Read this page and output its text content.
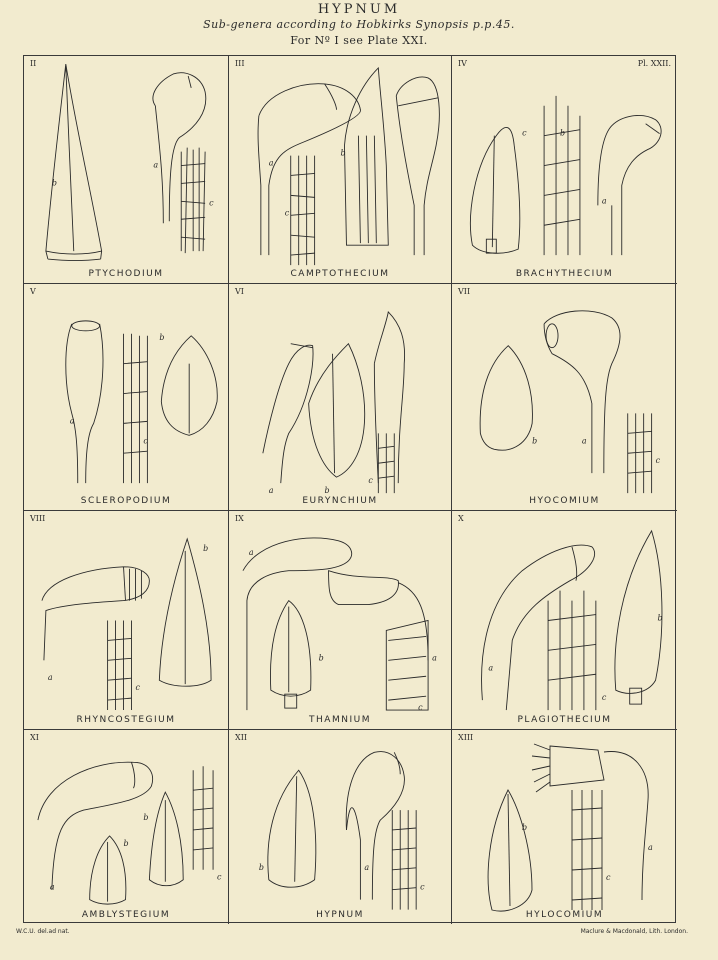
HYPNUM
Sub-genera according to Hobkirks Synopsis p.p.45.
For Nº I see Plate XXI.
b
a
c
II
PTYCHODIUM
a
b
c
III
CAMPTOTHECIUM
c	b
a
IV	Pl. XXII.
BRACHYTHECIUM
a
b
c
V
SCLEROPODIUM
a	b
c
VI
EURYNCHIUM
b	a
c
VII
HYOCOMIUM
a
b
c
VIII
RHYNCOSTEGIUM
a
b	a
c
IX
THAMNIUM
a
b
c
X
PLAGIOTHECIUM
a
b
b
c
XI
AMBLYSTEGIUM
b	a
c
XII
HYPNUM
b
a
c
XIII
HYLOCOMIUM
W.C.U. del.ad nat.	Maclure & Macdonald, Lith. London.
